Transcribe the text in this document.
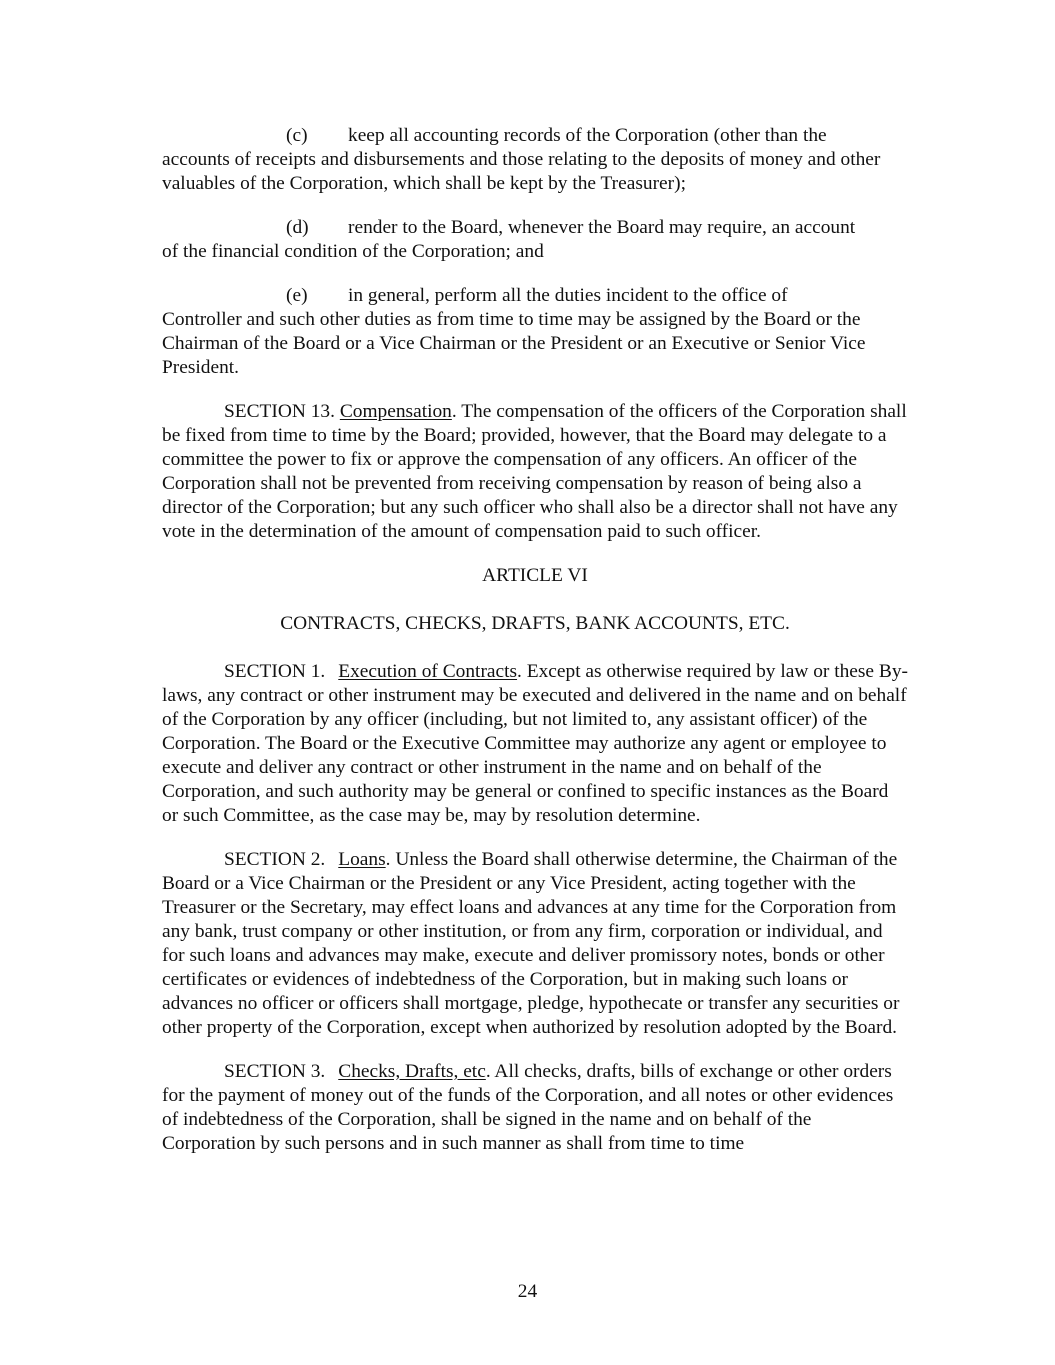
(c) keep all accounting records of the Corporation (other than the
accounts of receipts and disbursements and those relating to the deposits of money and other valuables of the Corporation, which shall be kept by the Treasurer);

(d) render to the Board, whenever the Board may require, an account
of the financial condition of the Corporation; and

(e) in general, perform all the duties incident to the office of
Controller and such other duties as from time to time may be assigned by the Board or the Chairman of the Board or a Vice Chairman or the President or an Executive or Senior Vice President.

SECTION 13. Compensation. The compensation of the officers of the Corporation shall be fixed from time to time by the Board; provided, however, that the Board may delegate to a committee the power to fix or approve the compensation of any officers. An officer of the Corporation shall not be prevented from receiving compensation by reason of being also a director of the Corporation; but any such officer who shall also be a director shall not have any vote in the determination of the amount of compensation paid to such officer.

ARTICLE VI

CONTRACTS, CHECKS, DRAFTS, BANK ACCOUNTS, ETC.

SECTION 1. Execution of Contracts. Except as otherwise required by law or these By-laws, any contract or other instrument may be executed and delivered in the name and on behalf of the Corporation by any officer (including, but not limited to, any assistant officer) of the Corporation. The Board or the Executive Committee may authorize any agent or employee to execute and deliver any contract or other instrument in the name and on behalf of the Corporation, and such authority may be general or confined to specific instances as the Board or such Committee, as the case may be, may by resolution determine.

SECTION 2. Loans. Unless the Board shall otherwise determine, the Chairman of the Board or a Vice Chairman or the President or any Vice President, acting together with the Treasurer or the Secretary, may effect loans and advances at any time for the Corporation from any bank, trust company or other institution, or from any firm, corporation or individual, and for such loans and advances may make, execute and deliver promissory notes, bonds or other certificates or evidences of indebtedness of the Corporation, but in making such loans or advances no officer or officers shall mortgage, pledge, hypothecate or transfer any securities or other property of the Corporation, except when authorized by resolution adopted by the Board.

SECTION 3. Checks, Drafts, etc. All checks, drafts, bills of exchange or other orders for the payment of money out of the funds of the Corporation, and all notes or other evidences of indebtedness of the Corporation, shall be signed in the name and on behalf of the Corporation by such persons and in such manner as shall from time to time

24
